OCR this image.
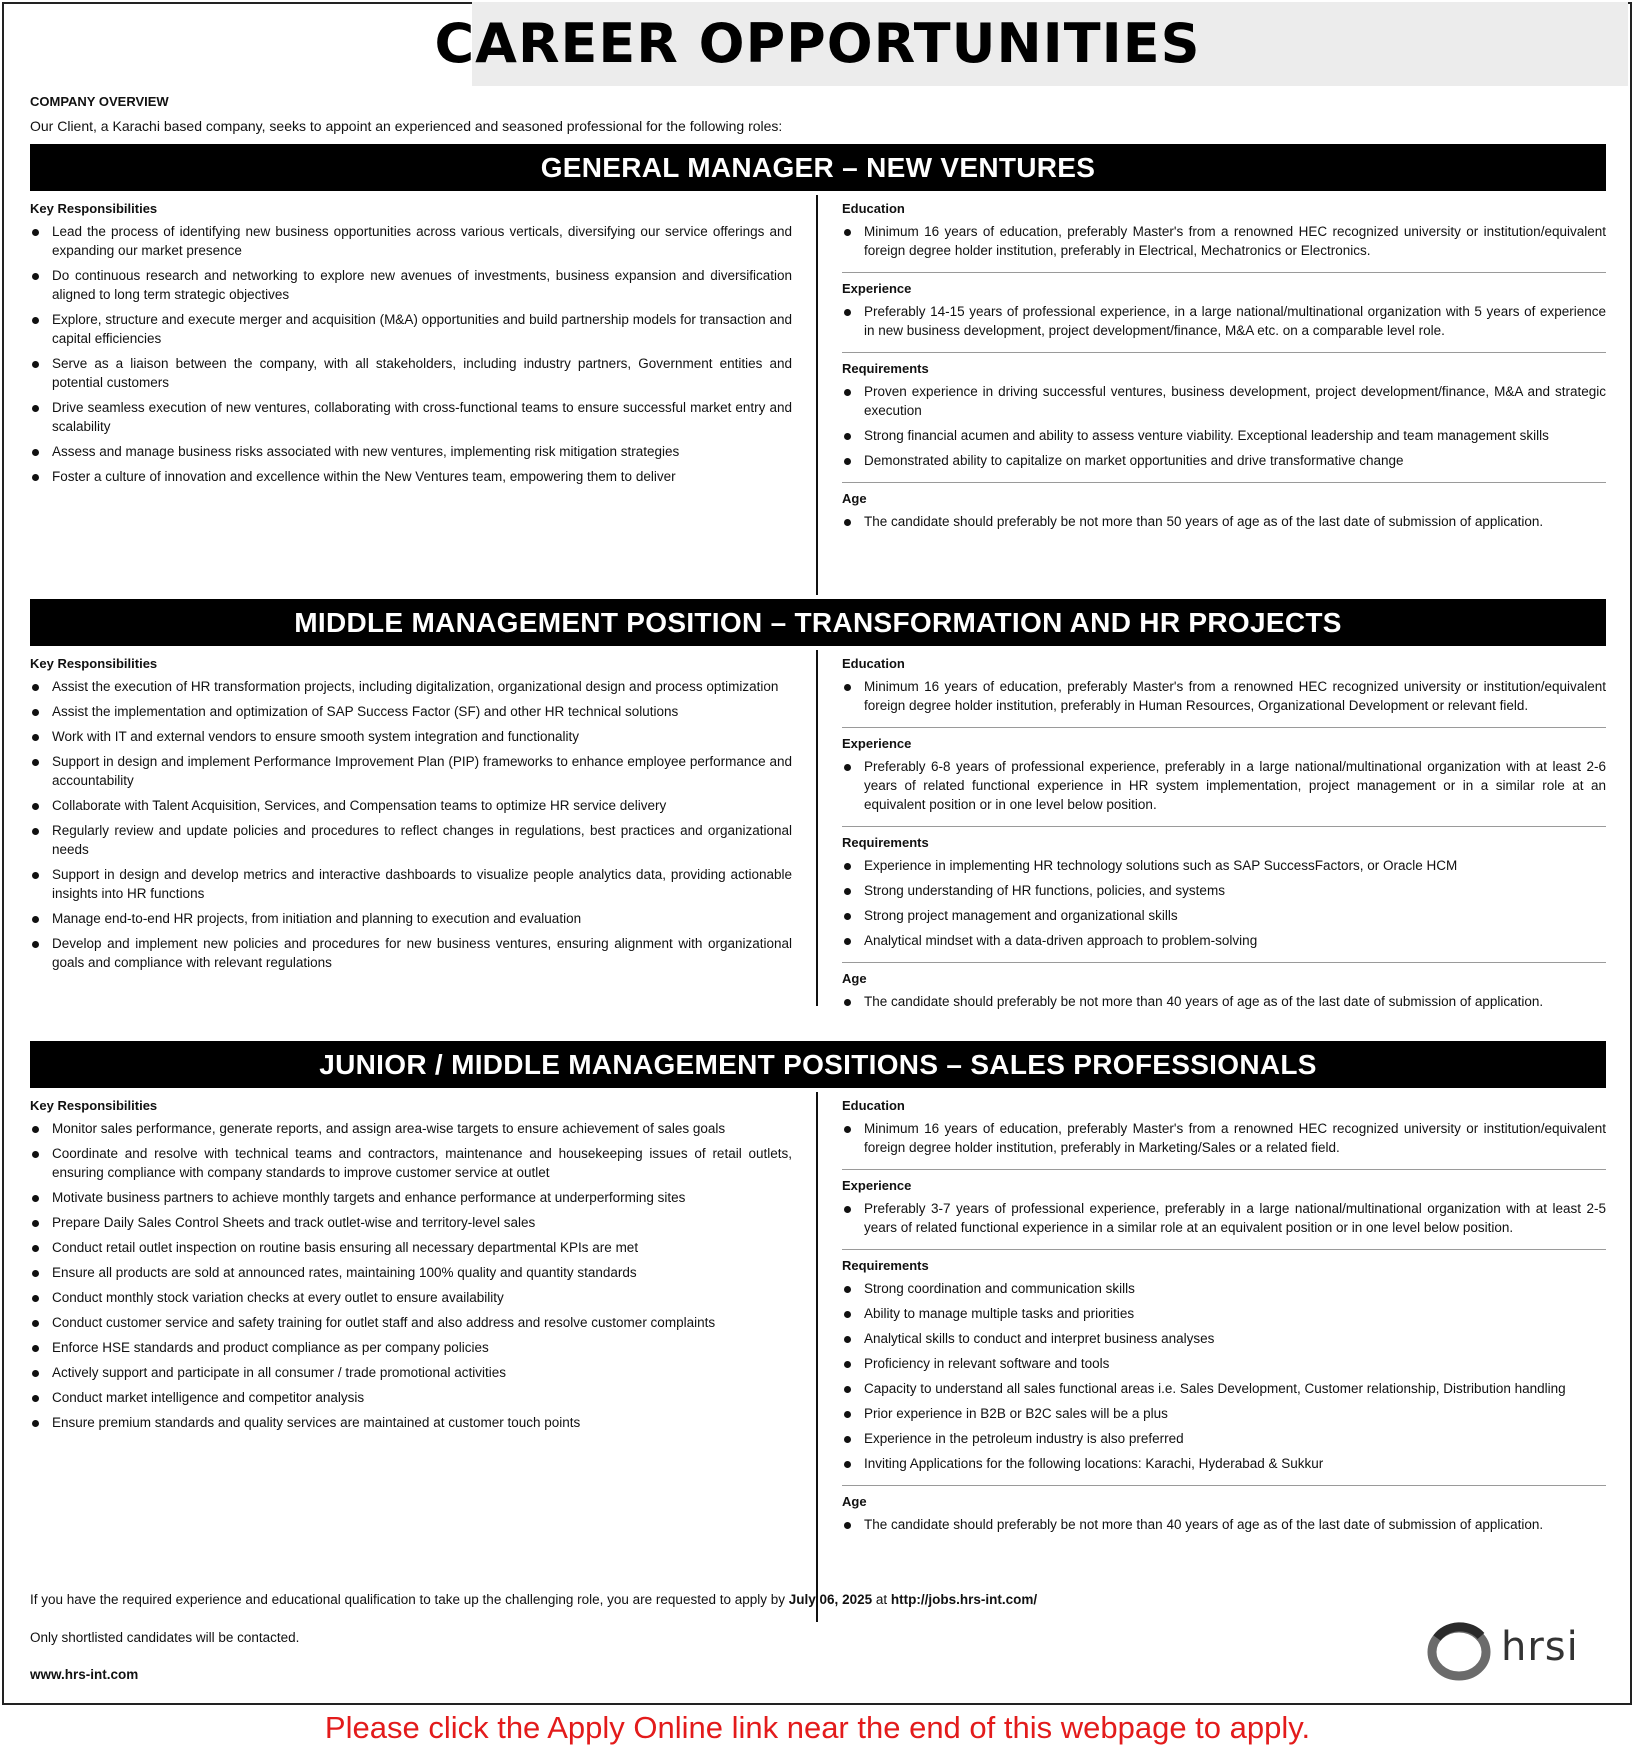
CAREER OPPORTUNITIES

COMPANY OVERVIEW

Our Client, a Karachi based company, seeks to appoint an experienced and seasoned professional for the following roles:

GENERAL MANAGER – NEW VENTURES

Key Responsibilities

Lead the process of identifying new business opportunities across various verticals, diversifying our service offerings and expanding our market presence
Do continuous research and networking to explore new avenues of investments, business expansion and diversification aligned to long term strategic objectives
Explore, structure and execute merger and acquisition (M&A) opportunities and build partnership models for transaction and capital efficiencies
Serve as a liaison between the company, with all stakeholders, including industry partners, Government entities and potential customers
Drive seamless execution of new ventures, collaborating with cross-functional teams to ensure successful market entry and scalability
Assess and manage business risks associated with new ventures, implementing risk mitigation strategies
Foster a culture of innovation and excellence within the New Ventures team, empowering them to deliver

Education

Minimum 16 years of education, preferably Master's from a renowned HEC recognized university or institution/equivalent foreign degree holder institution, preferably in Electrical, Mechatronics or Electronics.

Experience

Preferably 14-15 years of professional experience, in a large national/multinational organization with 5 years of experience in new business development, project development/finance, M&A etc. on a comparable level role.

Requirements

Proven experience in driving successful ventures, business development, project development/finance, M&A and strategic execution
Strong financial acumen and ability to assess venture viability. Exceptional leadership and team management skills
Demonstrated ability to capitalize on market opportunities and drive transformative change

Age

The candidate should preferably be not more than 50 years of age as of the last date of submission of application.
MIDDLE MANAGEMENT POSITION – TRANSFORMATION AND HR PROJECTS

Key Responsibilities

Assist the execution of HR transformation projects, including digitalization, organizational design and process optimization
Assist the implementation and optimization of SAP Success Factor (SF) and other HR technical solutions
Work with IT and external vendors to ensure smooth system integration and functionality
Support in design and implement Performance Improvement Plan (PIP) frameworks to enhance employee performance and accountability
Collaborate with Talent Acquisition, Services, and Compensation teams to optimize HR service delivery
Regularly review and update policies and procedures to reflect changes in regulations, best practices and organizational needs
Support in design and develop metrics and interactive dashboards to visualize people analytics data, providing actionable insights into HR functions
Manage end-to-end HR projects, from initiation and planning to execution and evaluation
Develop and implement new policies and procedures for new business ventures, ensuring alignment with organizational goals and compliance with relevant regulations

Education

Minimum 16 years of education, preferably Master's from a renowned HEC recognized university or institution/equivalent foreign degree holder institution, preferably in Human Resources, Organizational Development or relevant field.

Experience

Preferably 6-8 years of professional experience, preferably in a large national/multinational organization with at least 2-6 years of related functional experience in HR system implementation, project management or in a similar role at an equivalent position or in one level below position.

Requirements

Experience in implementing HR technology solutions such as SAP SuccessFactors, or Oracle HCM
Strong understanding of HR functions, policies, and systems
Strong project management and organizational skills
Analytical mindset with a data-driven approach to problem-solving

Age

The candidate should preferably be not more than 40 years of age as of the last date of submission of application.
JUNIOR / MIDDLE MANAGEMENT POSITIONS – SALES PROFESSIONALS

Key Responsibilities

Monitor sales performance, generate reports, and assign area-wise targets to ensure achievement of sales goals
Coordinate and resolve with technical teams and contractors, maintenance and housekeeping issues of retail outlets, ensuring compliance with company standards to improve customer service at outlet
Motivate business partners to achieve monthly targets and enhance performance at underperforming sites
Prepare Daily Sales Control Sheets and track outlet-wise and territory-level sales
Conduct retail outlet inspection on routine basis ensuring all necessary departmental KPIs are met
Ensure all products are sold at announced rates, maintaining 100% quality and quantity standards
Conduct monthly stock variation checks at every outlet to ensure availability
Conduct customer service and safety training for outlet staff and also address and resolve customer complaints
Enforce HSE standards and product compliance as per company policies
Actively support and participate in all consumer / trade promotional activities
Conduct market intelligence and competitor analysis
Ensure premium standards and quality services are maintained at customer touch points

Education

Minimum 16 years of education, preferably Master's from a renowned HEC recognized university or institution/equivalent foreign degree holder institution, preferably in Marketing/Sales or a related field.

Experience

Preferably 3-7 years of professional experience, preferably in a large national/multinational organization with at least 2-5 years of related functional experience in a similar role at an equivalent position or in one level below position.

Requirements

Strong coordination and communication skills
Ability to manage multiple tasks and priorities
Analytical skills to conduct and interpret business analyses
Proficiency in relevant software and tools
Capacity to understand all sales functional areas i.e. Sales Development, Customer relationship, Distribution handling
Prior experience in B2B or B2C sales will be a plus
Experience in the petroleum industry is also preferred
Inviting Applications for the following locations: Karachi, Hyderabad & Sukkur

Age

The candidate should preferably be not more than 40 years of age as of the last date of submission of application.

If you have the required experience and educational qualification to take up the challenging role, you are requested to apply by July 06, 2025 at http://jobs.hrs-int.com/

Only shortlisted candidates will be contacted.

www.hrs-int.com

hrsi

Please click the Apply Online link near the end of this webpage to apply.
